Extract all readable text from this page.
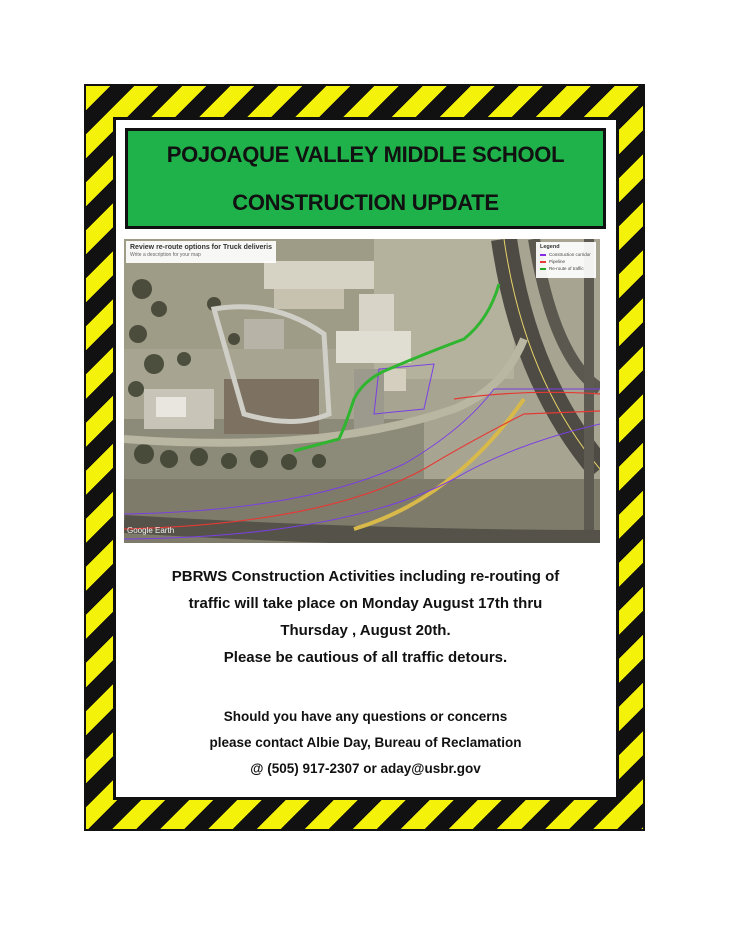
POJOAQUE VALLEY MIDDLE SCHOOL
CONSTRUCTION UPDATE
Review re-route options for Truck deliveris
Write a description for your map
Legend
Construction corridor
Pipeline
Re-route of traffic
Google Earth
PBRWS Construction Activities including re-routing of
traffic will take place on Monday August 17th thru
Thursday , August 20th.
Please be cautious of all traffic detours.
Should you have any questions or concerns
please contact Albie Day, Bureau of Reclamation
@ (505) 917-2307 or aday@usbr.gov
